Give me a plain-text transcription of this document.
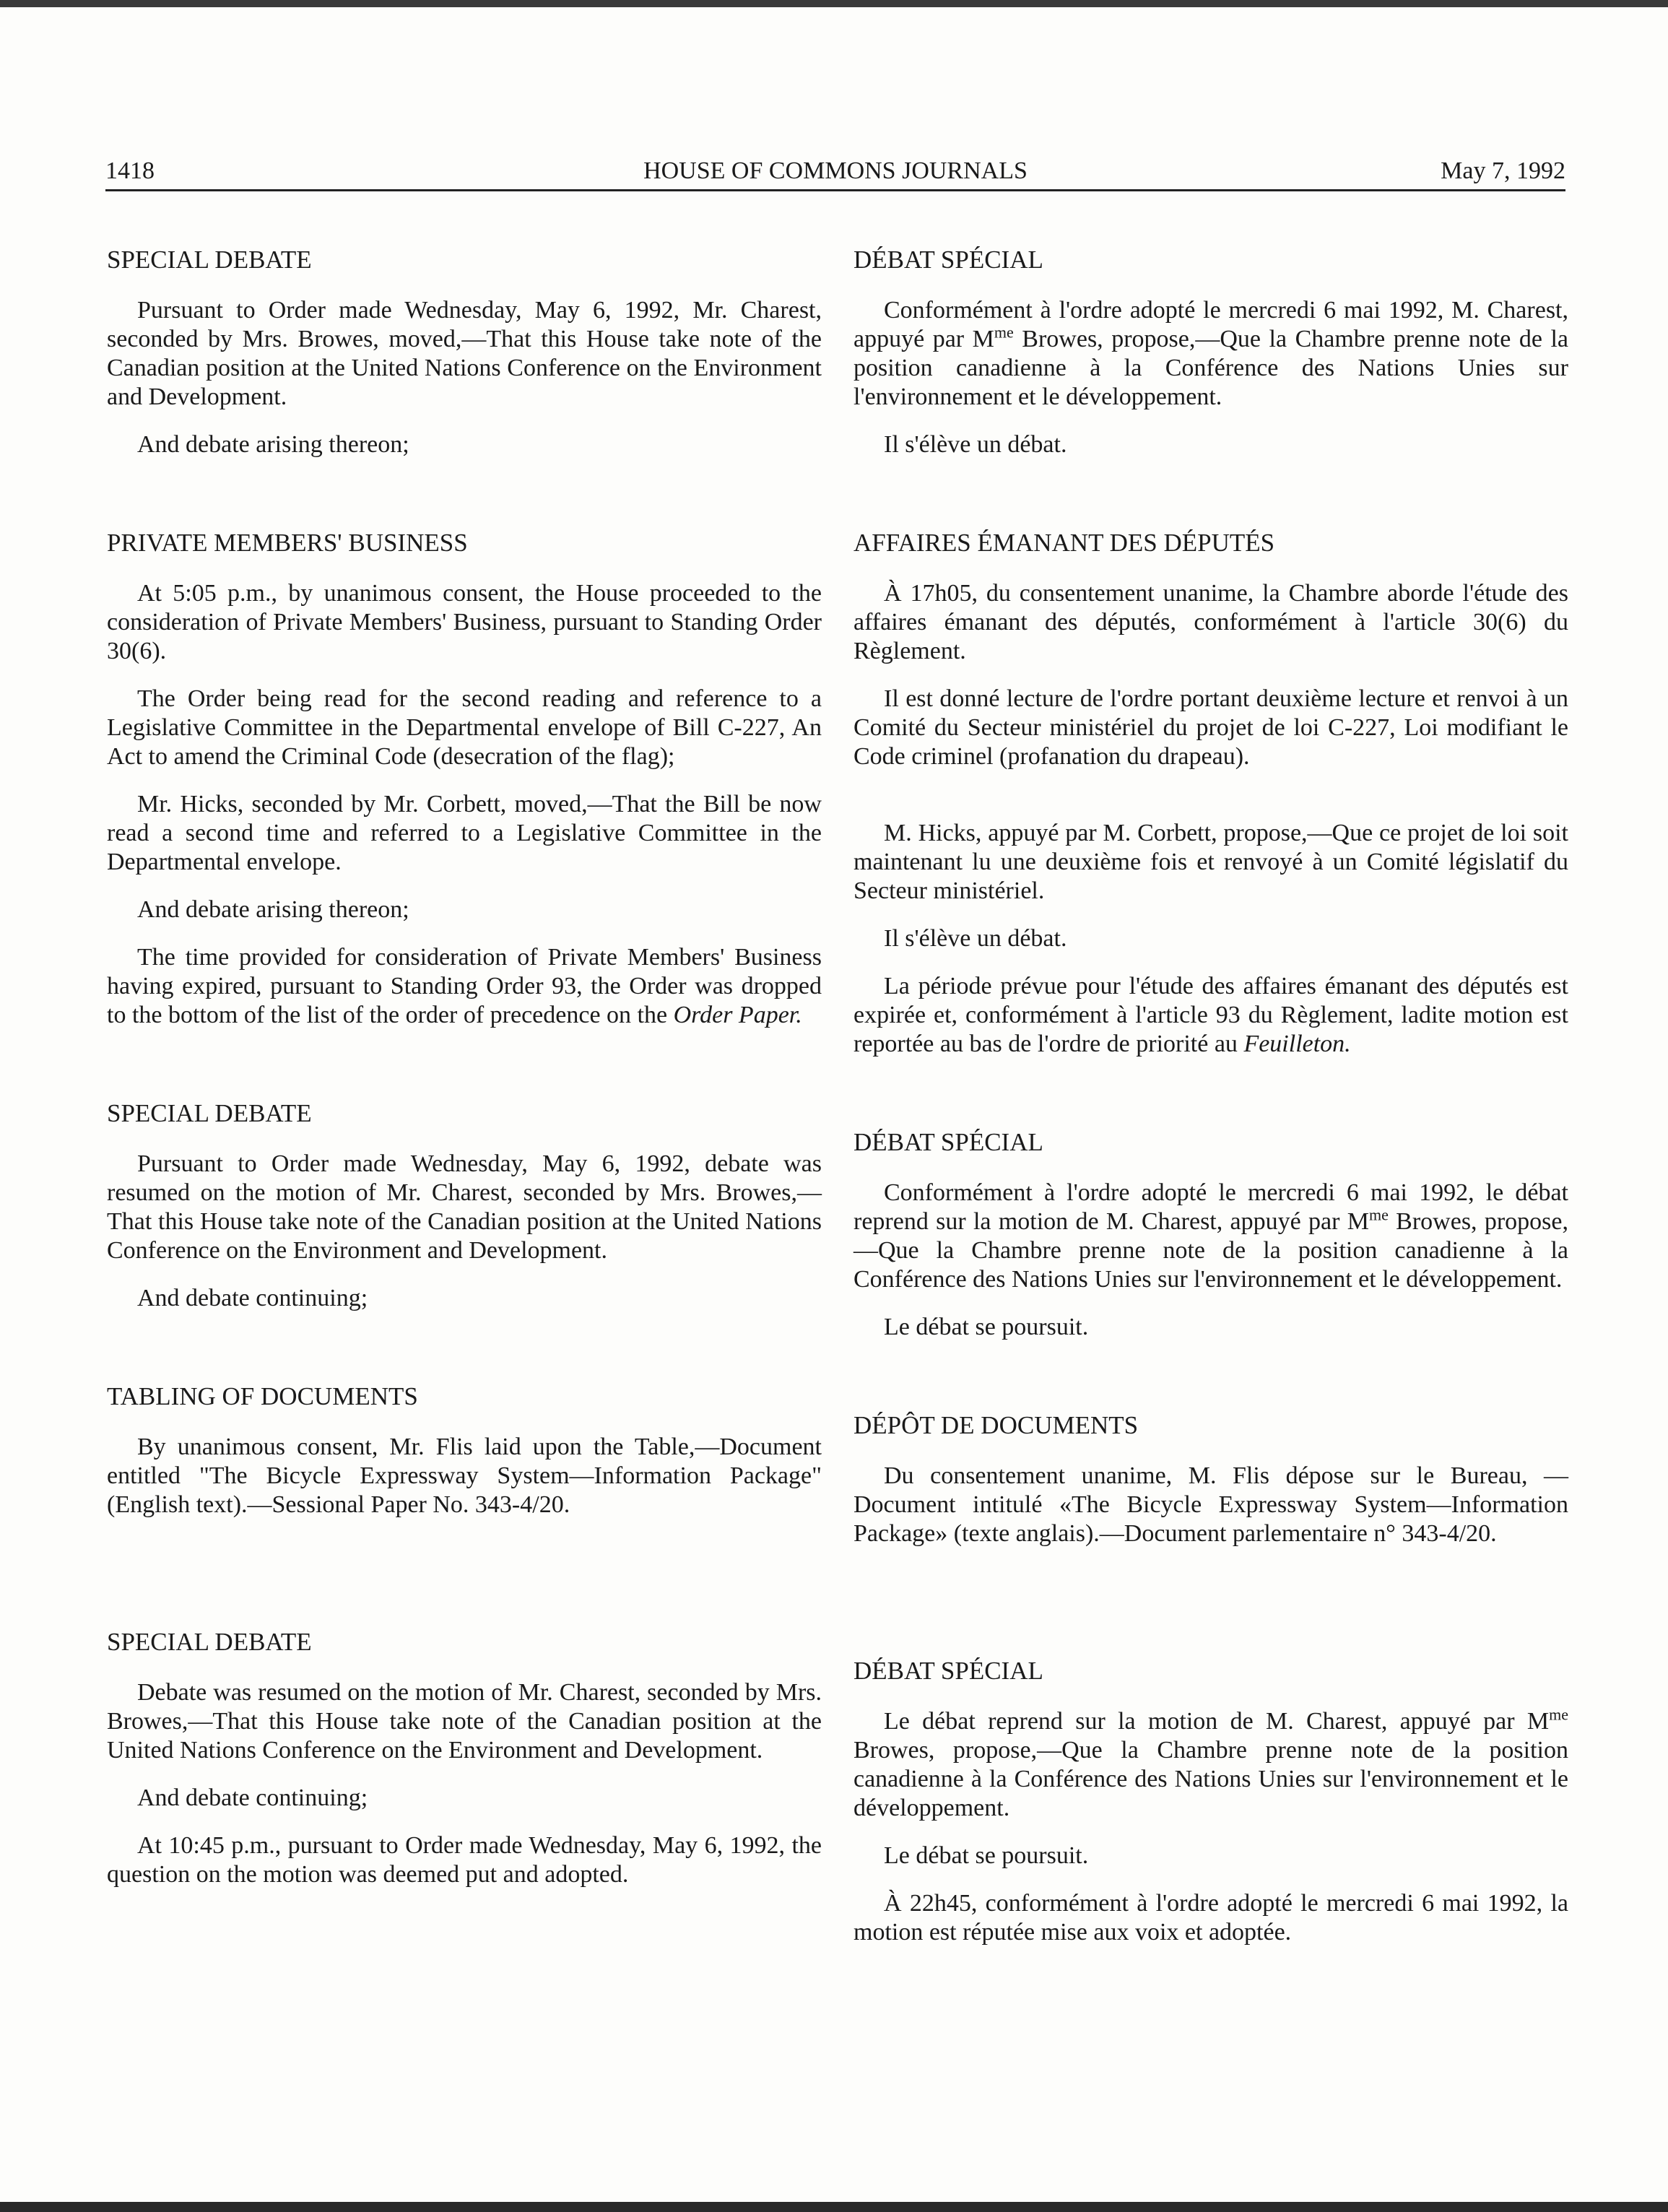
1418	HOUSE OF COMMONS JOURNALS	May 7, 1992

SPECIAL DEBATE

Pursuant to Order made Wednesday, May 6, 1992, Mr. Charest, seconded by Mrs. Browes, moved,—That this House take note of the Canadian position at the United Nations Conference on the Environment and Development.

And debate arising thereon;

PRIVATE MEMBERS' BUSINESS

At 5:05 p.m., by unanimous consent, the House proceeded to the consideration of Private Members' Business, pursuant to Standing Order 30(6).

The Order being read for the second reading and reference to a Legislative Committee in the Departmental envelope of Bill C-227, An Act to amend the Criminal Code (desecration of the flag);

Mr. Hicks, seconded by Mr. Corbett, moved,—That the Bill be now read a second time and referred to a Legislative Committee in the Departmental envelope.

And debate arising thereon;

The time provided for consideration of Private Members' Business having expired, pursuant to Standing Order 93, the Order was dropped to the bottom of the list of the order of precedence on the Order Paper.

SPECIAL DEBATE

Pursuant to Order made Wednesday, May 6, 1992, debate was resumed on the motion of Mr. Charest, seconded by Mrs. Browes,—That this House take note of the Canadian position at the United Nations Conference on the Environment and Development.

And debate continuing;

TABLING OF DOCUMENTS

By unanimous consent, Mr. Flis laid upon the Table,—Document entitled "The Bicycle Expressway System—Information Package" (English text).—Sessional Paper No. 343-4/20.

SPECIAL DEBATE

Debate was resumed on the motion of Mr. Charest, seconded by Mrs. Browes,—That this House take note of the Canadian position at the United Nations Conference on the Environment and Development.

And debate continuing;

At 10:45 p.m., pursuant to Order made Wednesday, May 6, 1992, the question on the motion was deemed put and adopted.

DÉBAT SPÉCIAL

Conformément à l'ordre adopté le mercredi 6 mai 1992, M. Charest, appuyé par $M^{me}$ Browes, propose,—Que la Chambre prenne note de la position canadienne à la Conférence des Nations Unies sur l'environnement et le développement.

Il s'élève un débat.

AFFAIRES ÉMANANT DES DÉPUTÉS

À 17h05, du consentement unanime, la Chambre aborde l'étude des affaires émanant des députés, conformément à l'article 30(6) du Règlement.

Il est donné lecture de l'ordre portant deuxième lecture et renvoi à un Comité du Secteur ministériel du projet de loi C-227, Loi modifiant le Code criminel (profanation du drapeau).

M. Hicks, appuyé par M. Corbett, propose,—Que ce projet de loi soit maintenant lu une deuxième fois et renvoyé à un Comité législatif du Secteur ministériel.

Il s'élève un débat.

La période prévue pour l'étude des affaires émanant des députés est expirée et, conformément à l'article 93 du Règlement, ladite motion est reportée au bas de l'ordre de priorité au Feuilleton.

DÉBAT SPÉCIAL

Conformément à l'ordre adopté le mercredi 6 mai 1992, le débat reprend sur la motion de M. Charest, appuyé par $M^{me}$ Browes, propose,—Que la Chambre prenne note de la position canadienne à la Conférence des Nations Unies sur l'environnement et le développement.

Le débat se poursuit.

DÉPÔT DE DOCUMENTS

Du consentement unanime, M. Flis dépose sur le Bureau, —Document intitulé «The Bicycle Expressway System—Information Package» (texte anglais).—Document parlementaire n° 343-4/20.

DÉBAT SPÉCIAL

Le débat reprend sur la motion de M. Charest, appuyé par $M^{me}$ Browes, propose,—Que la Chambre prenne note de la position canadienne à la Conférence des Nations Unies sur l'environnement et le développement.

Le débat se poursuit.

À 22h45, conformément à l'ordre adopté le mercredi 6 mai 1992, la motion est réputée mise aux voix et adoptée.
